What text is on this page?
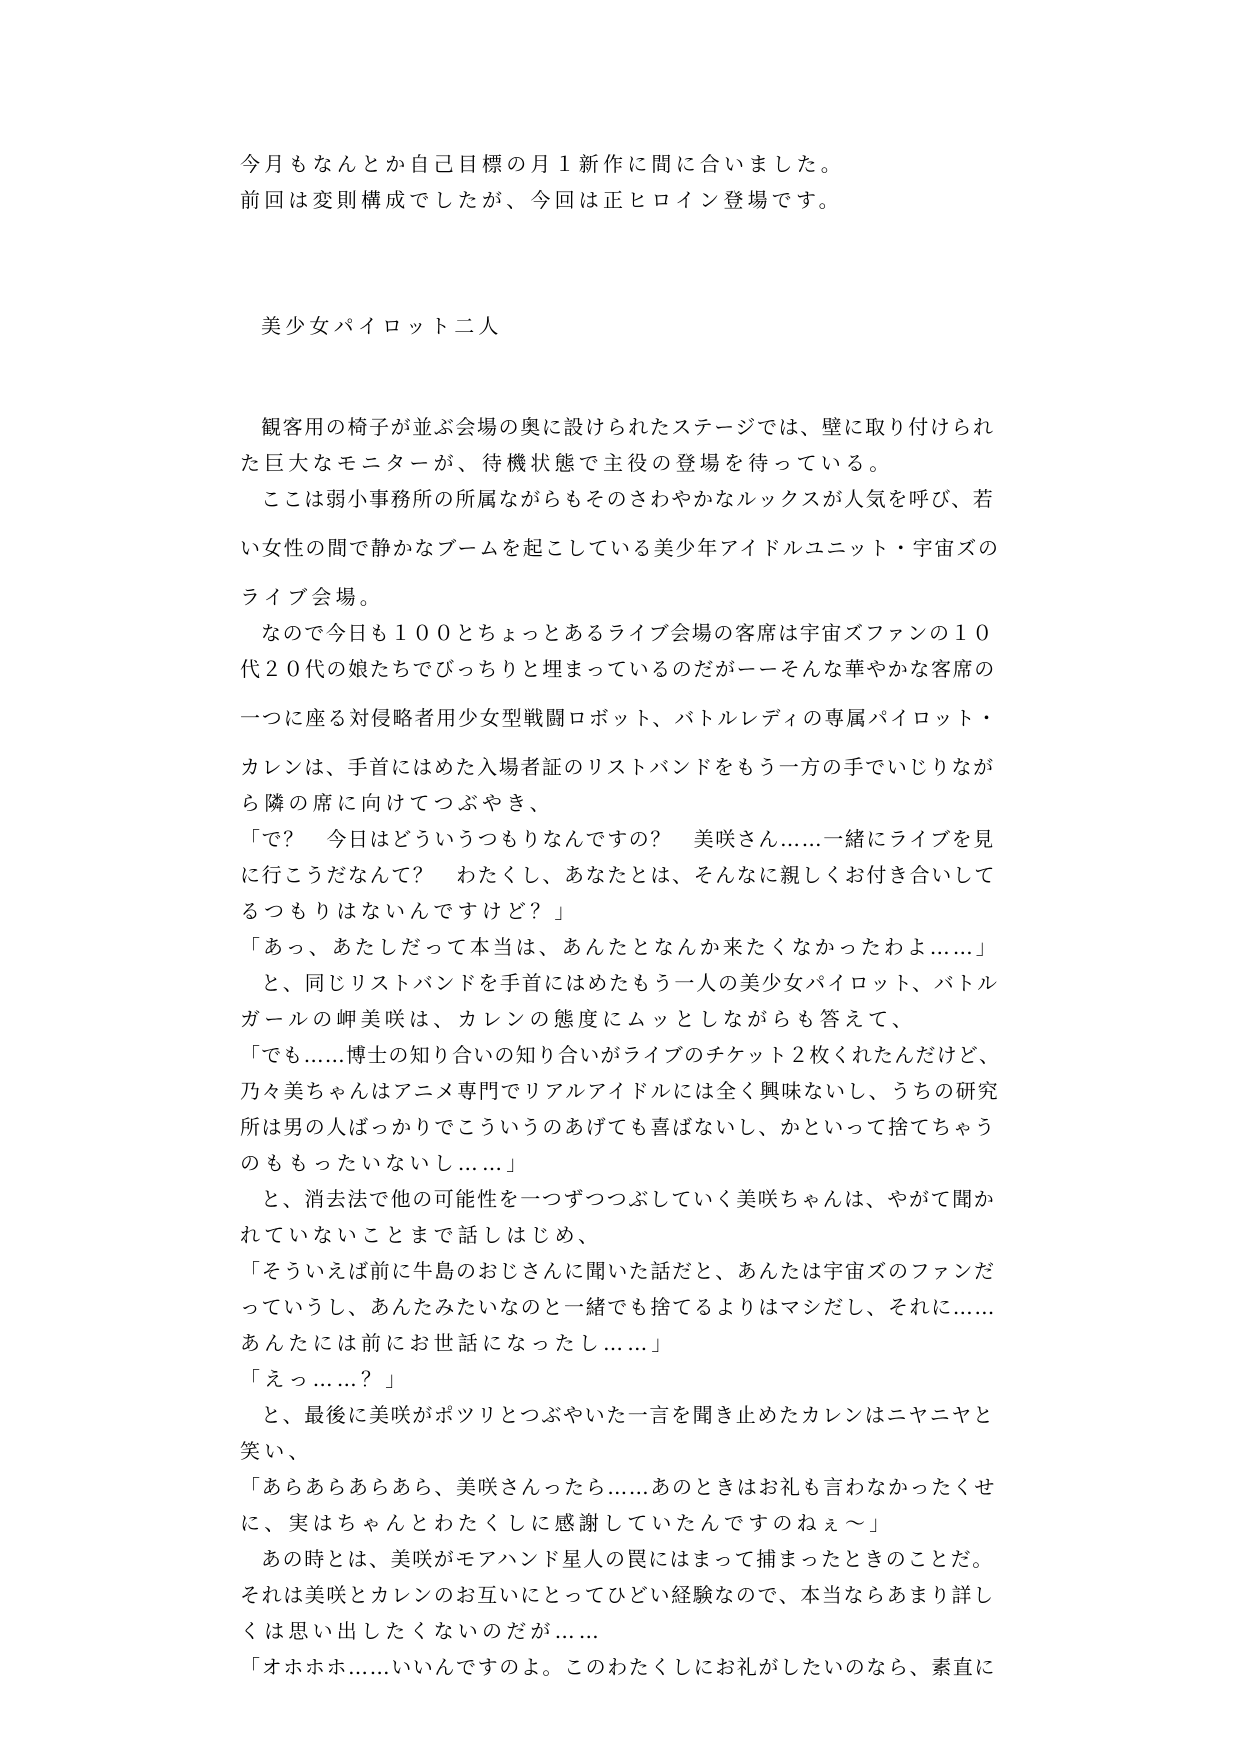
今月もなんとか自己目標の月１新作に間に合いました。
前回は変則構成でしたが、今回は正ヒロイン登場です。
美少女パイロット二人
観客用の椅子が並ぶ会場の奥に設けられたステージでは、壁に取り付けられ
た巨大なモニターが、待機状態で主役の登場を待っている。
ここは弱小事務所の所属ながらもそのさわやかなルックスが人気を呼び、若
い女性の間で静かなブームを起こしている美少年アイドルユニット・宇宙ズの
ライブ会場。
なので今日も１００とちょっとあるライブ会場の客席は宇宙ズファンの１０
代２０代の娘たちでびっちりと埋まっているのだがーーそんな華やかな客席の
一つに座る対侵略者用少女型戦闘ロボット、バトルレディの専属パイロット・
カレンは、手首にはめた入場者証のリストバンドをもう一方の手でいじりなが
ら隣の席に向けてつぶやき、
「で？　今日はどういうつもりなんですの？　美咲さん……一緒にライブを見
に行こうだなんて？　わたくし、あなたとは、そんなに親しくお付き合いして
るつもりはないんですけど？」
「あっ、あたしだって本当は、あんたとなんか来たくなかったわよ……」
と、同じリストバンドを手首にはめたもう一人の美少女パイロット、バトル
ガールの岬美咲は、カレンの態度にムッとしながらも答えて、
「でも……博士の知り合いの知り合いがライブのチケット２枚くれたんだけど、
乃々美ちゃんはアニメ専門でリアルアイドルには全く興味ないし、うちの研究
所は男の人ばっかりでこういうのあげても喜ばないし、かといって捨てちゃう
のももったいないし……」
と、消去法で他の可能性を一つずつつぶしていく美咲ちゃんは、やがて聞か
れていないことまで話しはじめ、
「そういえば前に牛島のおじさんに聞いた話だと、あんたは宇宙ズのファンだ
っていうし、あんたみたいなのと一緒でも捨てるよりはマシだし、それに……
あんたには前にお世話になったし……」
「えっ……？」
と、最後に美咲がポツリとつぶやいた一言を聞き止めたカレンはニヤニヤと
笑い、
「あらあらあらあら、美咲さんったら……あのときはお礼も言わなかったくせ
に、実はちゃんとわたくしに感謝していたんですのねぇ～」
あの時とは、美咲がモアハンド星人の罠にはまって捕まったときのことだ。
それは美咲とカレンのお互いにとってひどい経験なので、本当ならあまり詳し
くは思い出したくないのだが……
「オホホホ……いいんですのよ。このわたくしにお礼がしたいのなら、素直に
